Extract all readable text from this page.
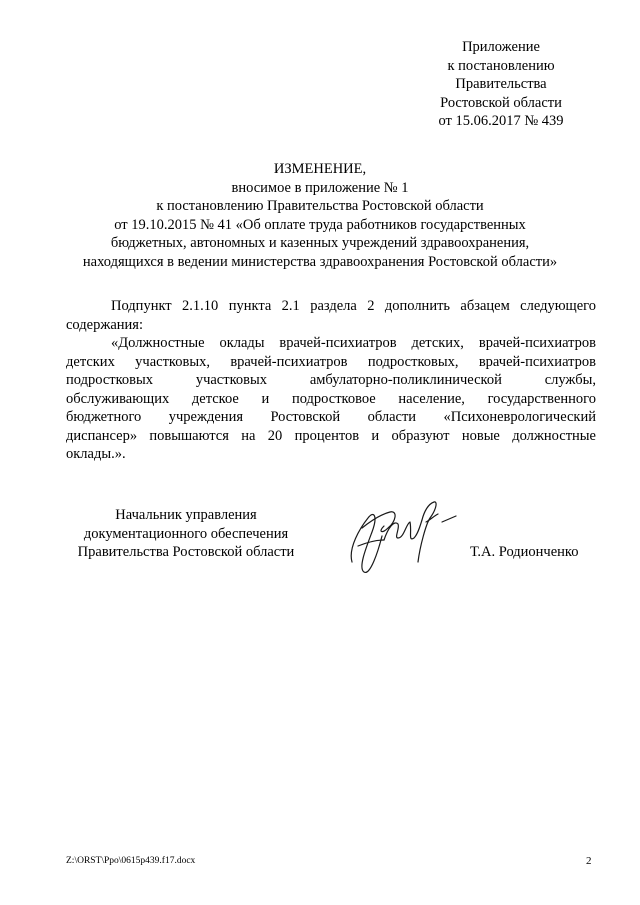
Приложение
к постановлению
Правительства
Ростовской области
от 15.06.2017 № 439
ИЗМЕНЕНИЕ,
вносимое в приложение № 1
к постановлению Правительства Ростовской области
от 19.10.2015 № 41 «Об оплате труда работников государственных
бюджетных, автономных и казенных учреждений здравоохранения,
находящихся в ведении министерства здравоохранения Ростовской области»

Подпункт 2.1.10 пункта 2.1 раздела 2 дополнить абзацем следующего

содержания:

«Должностные оклады врачей-психиатров детских, врачей-психиатров

детских участковых, врачей-психиатров подростковых, врачей-психиатров

подростковых участковых амбулаторно-поликлинической службы,

обслуживающих детское и подростковое население, государственного

бюджетного учреждения Ростовской области «Психоневрологический

диспансер» повышаются на 20 процентов и образуют новые должностные

оклады.».

Начальник управления
документационного обеспечения
Правительства Ростовской области	Т.А. Родионченко
Z:\ORST\Ppo\0615p439.f17.docx	2
